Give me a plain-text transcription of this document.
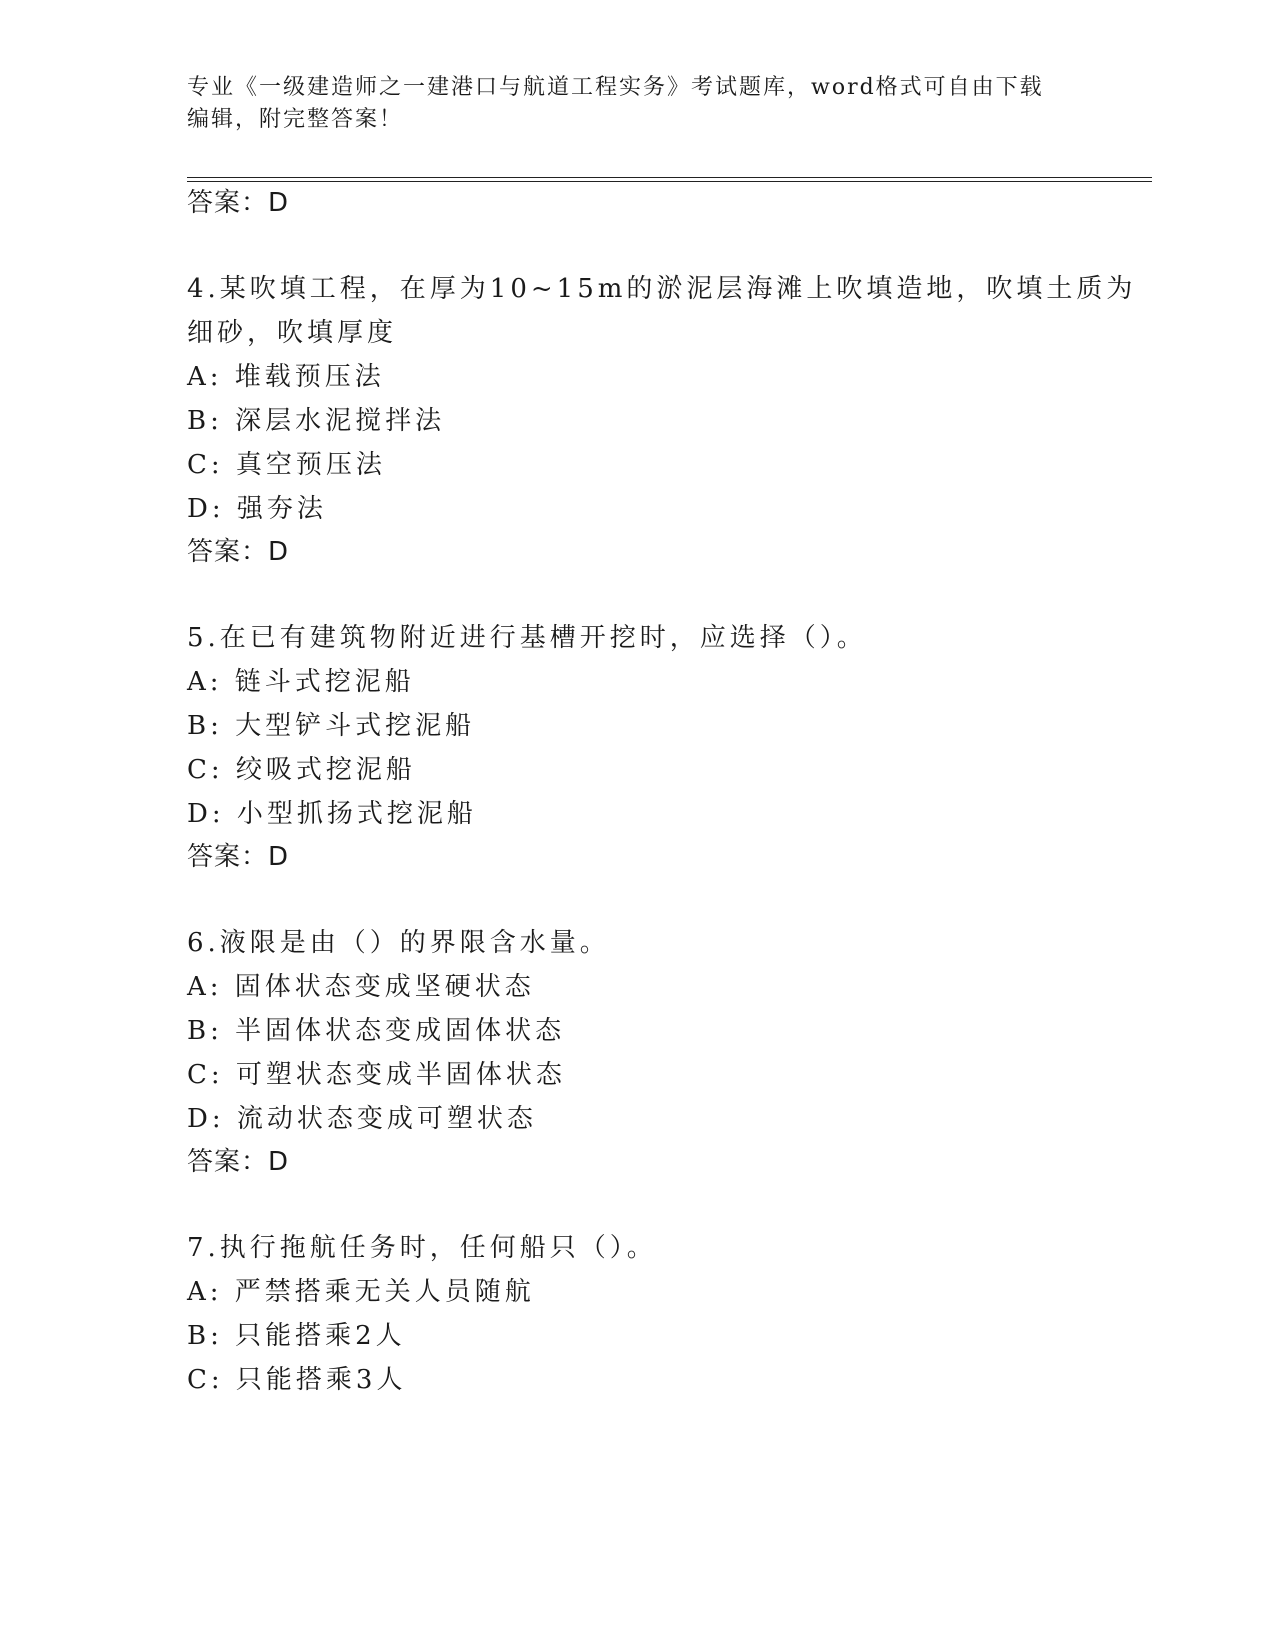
专业《一级建造师之一建港口与航道工程实务》考试题库，word格式可自由下载
编辑，附完整答案！
答案：D
4.某吹填工程，在厚为10~15m的淤泥层海滩上吹填造地，吹填土质为
细砂，吹填厚度
A: 堆载预压法
B: 深层水泥搅拌法
C: 真空预压法
D: 强夯法
答案：D
5.在已有建筑物附近进行基槽开挖时，应选择（）。
A: 链斗式挖泥船
B: 大型铲斗式挖泥船
C: 绞吸式挖泥船
D: 小型抓扬式挖泥船
答案：D
6.液限是由（）的界限含水量。
A: 固体状态变成坚硬状态
B: 半固体状态变成固体状态
C: 可塑状态变成半固体状态
D: 流动状态变成可塑状态
答案：D
7.执行拖航任务时，任何船只（）。
A: 严禁搭乘无关人员随航
B: 只能搭乘2人
C: 只能搭乘3人
